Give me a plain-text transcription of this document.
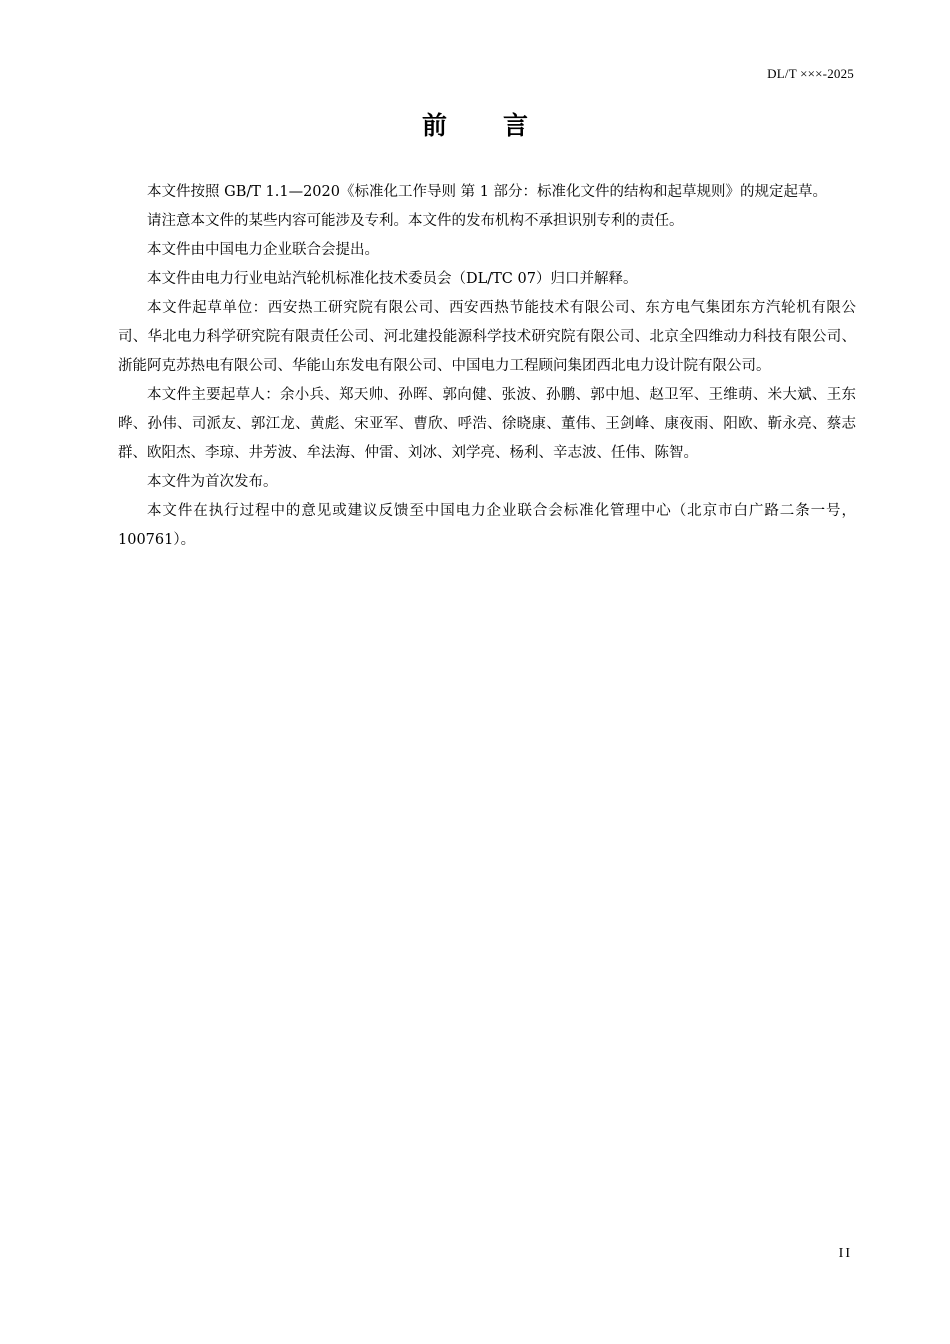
DL/T ×××-2025
前言

本文件按照 GB/T 1.1—2020《标准化工作导则 第 1 部分：标准化文件的结构和起草规则》的规定起草。

请注意本文件的某些内容可能涉及专利。本文件的发布机构不承担识别专利的责任。

本文件由中国电力企业联合会提出。

本文件由电力行业电站汽轮机标准化技术委员会（DL/TC 07）归口并解释。

本文件起草单位：西安热工研究院有限公司、西安西热节能技术有限公司、东方电气集团东方汽轮机有限公司、华北电力科学研究院有限责任公司、河北建投能源科学技术研究院有限公司、北京全四维动力科技有限公司、浙能阿克苏热电有限公司、华能山东发电有限公司、中国电力工程顾问集团西北电力设计院有限公司。

本文件主要起草人：余小兵、郑天帅、孙晖、郭向健、张波、孙鹏、郭中旭、赵卫军、王维萌、米大斌、王东晔、孙伟、司派友、郭江龙、黄彪、宋亚军、曹欣、呼浩、徐晓康、董伟、王剑峰、康夜雨、阳欧、靳永亮、蔡志群、欧阳杰、李琼、井芳波、牟法海、仲雷、刘冰、刘学亮、杨利、辛志波、任伟、陈智。

本文件为首次发布。

本文件在执行过程中的意见或建议反馈至中国电力企业联合会标准化管理中心（北京市白广路二条一号，100761）。

II
